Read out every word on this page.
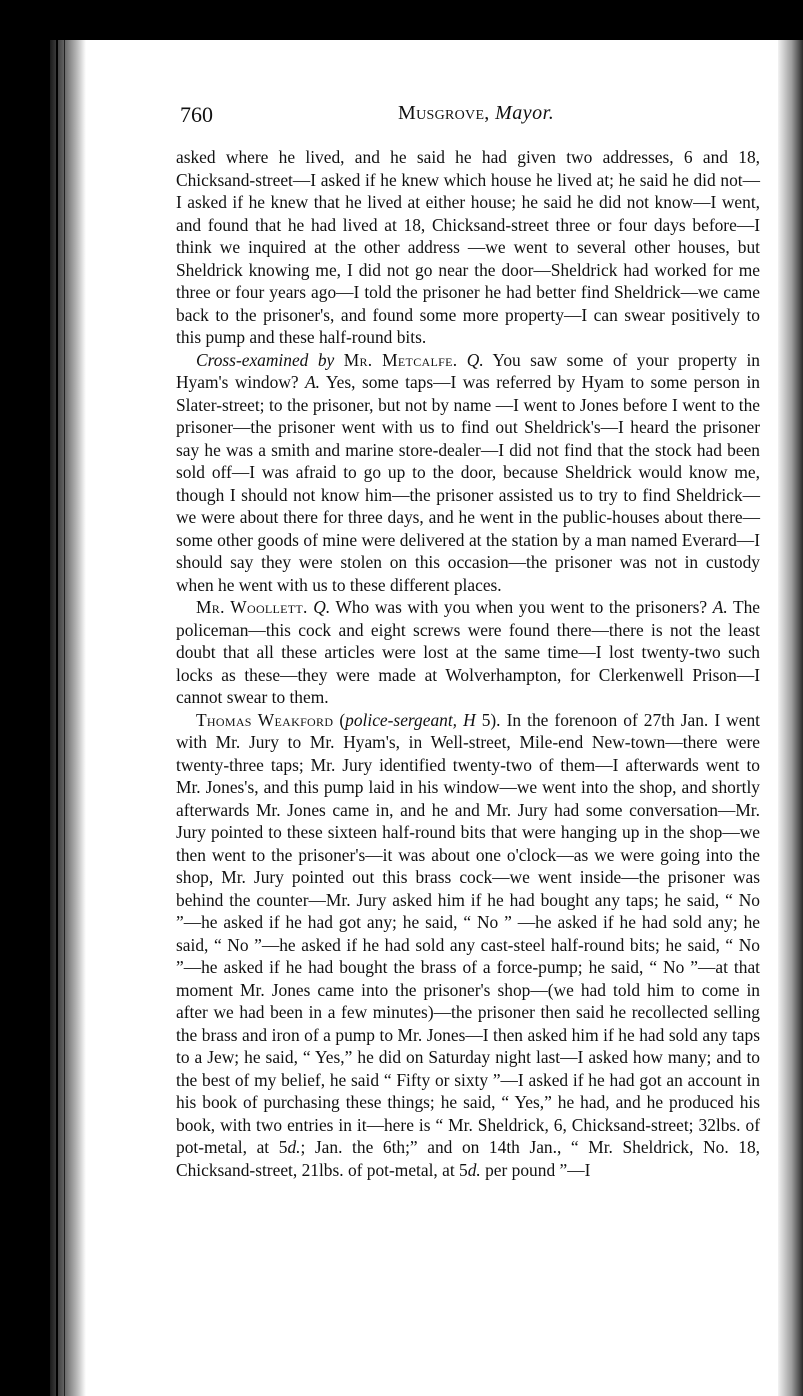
760	Musgrove, Mayor.

asked where he lived, and he said he had given two addresses, 6 and 18, Chicksand-street—I asked if he knew which house he lived at; he said he did not—I asked if he knew that he lived at either house; he said he did not know—I went, and found that he had lived at 18, Chicksand-street three or four days before—I think we inquired at the other address —we went to several other houses, but Sheldrick knowing me, I did not go near the door—Sheldrick had worked for me three or four years ago—I told the prisoner he had better find Sheldrick—we came back to the prisoner's, and found some more property—I can swear positively to this pump and these half-round bits.

Cross-examined by Mr. Metcalfe. Q. You saw some of your property in Hyam's window? A. Yes, some taps—I was referred by Hyam to some person in Slater-street; to the prisoner, but not by name —I went to Jones before I went to the prisoner—the prisoner went with us to find out Sheldrick's—I heard the prisoner say he was a smith and marine store-dealer—I did not find that the stock had been sold off—I was afraid to go up to the door, because Sheldrick would know me, though I should not know him—the prisoner assisted us to try to find Sheldrick—we were about there for three days, and he went in the public-houses about there—some other goods of mine were delivered at the station by a man named Everard—I should say they were stolen on this occasion—the prisoner was not in custody when he went with us to these different places.

Mr. Woollett. Q. Who was with you when you went to the prisoners? A. The policeman—this cock and eight screws were found there—there is not the least doubt that all these articles were lost at the same time—I lost twenty-two such locks as these—they were made at Wolverhampton, for Clerkenwell Prison—I cannot swear to them.

Thomas Weakford (police-sergeant, H 5). In the forenoon of 27th Jan. I went with Mr. Jury to Mr. Hyam's, in Well-street, Mile-end New-town—there were twenty-three taps; Mr. Jury identified twenty-two of them—I afterwards went to Mr. Jones's, and this pump laid in his window—we went into the shop, and shortly afterwards Mr. Jones came in, and he and Mr. Jury had some conversation—Mr. Jury pointed to these sixteen half-round bits that were hanging up in the shop—we then went to the prisoner's—it was about one o'clock—as we were going into the shop, Mr. Jury pointed out this brass cock—we went inside—the prisoner was behind the counter—Mr. Jury asked him if he had bought any taps; he said, “ No ”—he asked if he had got any; he said, “ No ” —he asked if he had sold any; he said, “ No ”—he asked if he had sold any cast-steel half-round bits; he said, “ No ”—he asked if he had bought the brass of a force-pump; he said, “ No ”—at that moment Mr. Jones came into the prisoner's shop—(we had told him to come in after we had been in a few minutes)—the prisoner then said he recollected selling the brass and iron of a pump to Mr. Jones—I then asked him if he had sold any taps to a Jew; he said, “ Yes,” he did on Saturday night last—I asked how many; and to the best of my belief, he said “ Fifty or sixty ”—I asked if he had got an account in his book of purchasing these things; he said, “ Yes,” he had, and he produced his book, with two entries in it—here is “ Mr. Sheldrick, 6, Chicksand-street; 32lbs. of pot-metal, at 5d.; Jan. the 6th;” and on 14th Jan., “ Mr. Sheldrick, No. 18, Chicksand-street, 21lbs. of pot-metal, at 5d. per pound ”—I
